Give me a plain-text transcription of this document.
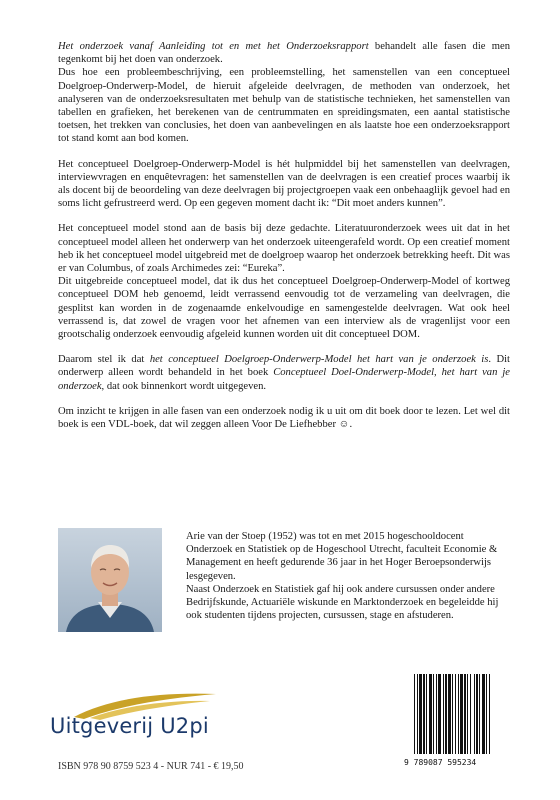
Het onderzoek vanaf Aanleiding tot en met het Onderzoeksrapport behandelt alle fasen die men tegenkomt bij het doen van onderzoek.

Dus hoe een probleembeschrijving, een probleemstelling, het samenstellen van een conceptueel Doelgroep-Onderwerp-Model, de hieruit afgeleide deelvragen, de methoden van onderzoek, het analyseren van de onderzoeksresultaten met behulp van de statistische technieken, het samenstellen van tabellen en grafieken, het berekenen van de centrummaten en spreidingsmaten, een aantal statistische toetsen, het trekken van conclusies, het doen van aanbevelingen en als laatste hoe een onderzoeksrapport tot stand komt aan bod komen.

Het conceptueel Doelgroep-Onderwerp-Model is hét hulpmiddel bij het samenstellen van deelvragen, interviewvragen en enquêtevragen: het samenstellen van de deelvragen is een creatief proces waarbij ik als docent bij de beoordeling van deze deelvragen bij projectgroepen vaak een onbehaaglijk gevoel had en soms licht gefrustreerd werd. Op een gegeven moment dacht ik: “Dit moet anders kunnen”.

Het conceptueel model stond aan de basis bij deze gedachte. Literatuuronderzoek wees uit dat in het conceptueel model alleen het onderwerp van het onderzoek uiteengerafeld wordt. Op een creatief moment heb ik het conceptueel model uitgebreid met de doelgroep waarop het onderzoek betrekking heeft. Dit was er van Columbus, of zoals Archimedes zei: “Eureka”.

Dit uitgebreide conceptueel model, dat ik dus het conceptueel Doelgroep-Onderwerp-Model of kortweg conceptueel DOM heb genoemd, leidt verrassend eenvoudig tot de verzameling van deelvragen, die gesplitst kan worden in de zogenaamde enkelvoudige en samengestelde deelvragen. Wat ook heel verrassend is, dat zowel de vragen voor het afnemen van een interview als de vragenlijst voor een grootschalig onderzoek eenvoudig afgeleid kunnen worden uit dit conceptueel DOM.

Daarom stel ik dat het conceptueel Doelgroep-Onderwerp-Model het hart van je onderzoek is. Dit onderwerp alleen wordt behandeld in het boek Conceptueel Doel-Onderwerp-Model, het hart van je onderzoek, dat ook binnenkort wordt uitgegeven.

Om inzicht te krijgen in alle fasen van een onderzoek nodig ik u uit om dit boek door te lezen. Let wel dit boek is een VDL-boek, dat wil zeggen alleen Voor De Liefhebber ☺.

Arie van der Stoep (1952) was tot en met 2015 hogeschooldocent Onderzoek en Statistiek op de Hogeschool Utrecht, faculteit Economie & Management en heeft gedurende 36 jaar in het Hoger Beroepsonderwijs lesgegeven.

Naast Onderzoek en Statistiek gaf hij ook andere cursussen onder andere Bedrijfskunde, Actuariële wiskunde en Marktonderzoek en begeleidde hij ook studenten tijdens projecten, cursussen, stage en afstuderen.

Uitgeverij U2pi
ISBN 978 90 8759 523 4 - NUR 741 - € 19,50	9 789087 595234
